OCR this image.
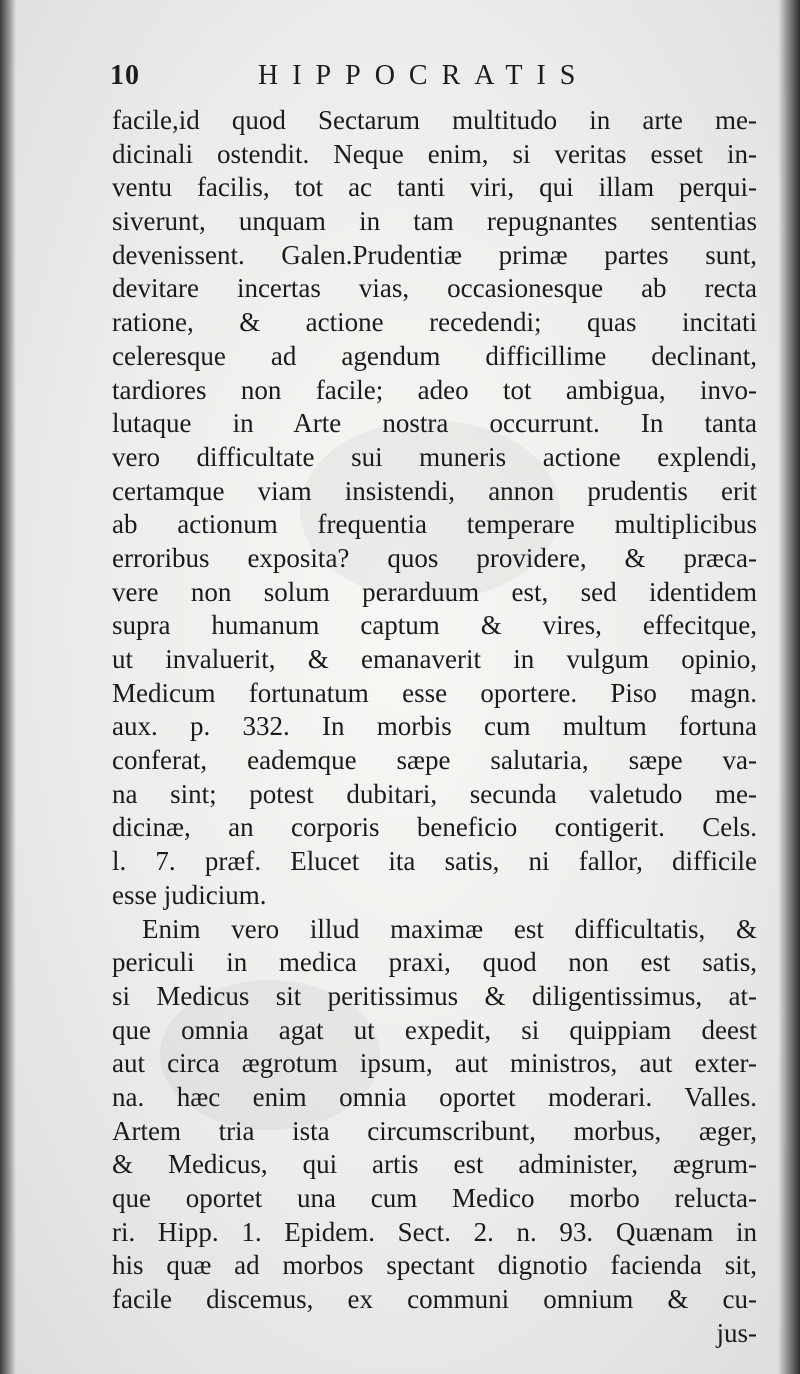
10	HIPPOCRATIS
facile,id quod Sectarum multitudo in arte me-
dicinali ostendit. Neque enim, si veritas esset in-
ventu facilis, tot ac tanti viri, qui illam perqui-
siverunt, unquam in tam repugnantes sententias
devenissent. Galen.Prudentiæ primæ partes sunt,
devitare incertas vias, occasionesque ab recta
ratione, & actione recedendi; quas incitati
celeresque ad agendum difficillime declinant,
tardiores non facile; adeo tot ambigua, invo-
lutaque in Arte nostra occurrunt. In tanta
vero difficultate sui muneris actione explendi,
certamque viam insistendi, annon prudentis erit
ab actionum frequentia temperare multiplicibus
erroribus exposita? quos providere, & præca-
vere non solum perarduum est, sed identidem
supra humanum captum & vires, effecitque,
ut invaluerit, & emanaverit in vulgum opinio,
Medicum fortunatum esse oportere. Piso magn.
aux. p. 332. In morbis cum multum fortuna
conferat, eademque sæpe salutaria, sæpe va-
na sint; potest dubitari, secunda valetudo me-
dicinæ, an corporis beneficio contigerit. Cels.
l. 7. præf. Elucet ita satis, ni fallor, difficile
esse judicium.
Enim vero illud maximæ est difficultatis, &
periculi in medica praxi, quod non est satis,
si Medicus sit peritissimus & diligentissimus, at-
que omnia agat ut expedit, si quippiam deest
aut circa ægrotum ipsum, aut ministros, aut exter-
na. hæc enim omnia oportet moderari. Valles.
Artem tria ista circumscribunt, morbus, æger,
& Medicus, qui artis est administer, ægrum-
que oportet una cum Medico morbo relucta-
ri. Hipp. 1. Epidem. Sect. 2. n. 93. Quænam in
his quæ ad morbos spectant dignotio facienda sit,
facile discemus, ex communi omnium & cu-
jus-
